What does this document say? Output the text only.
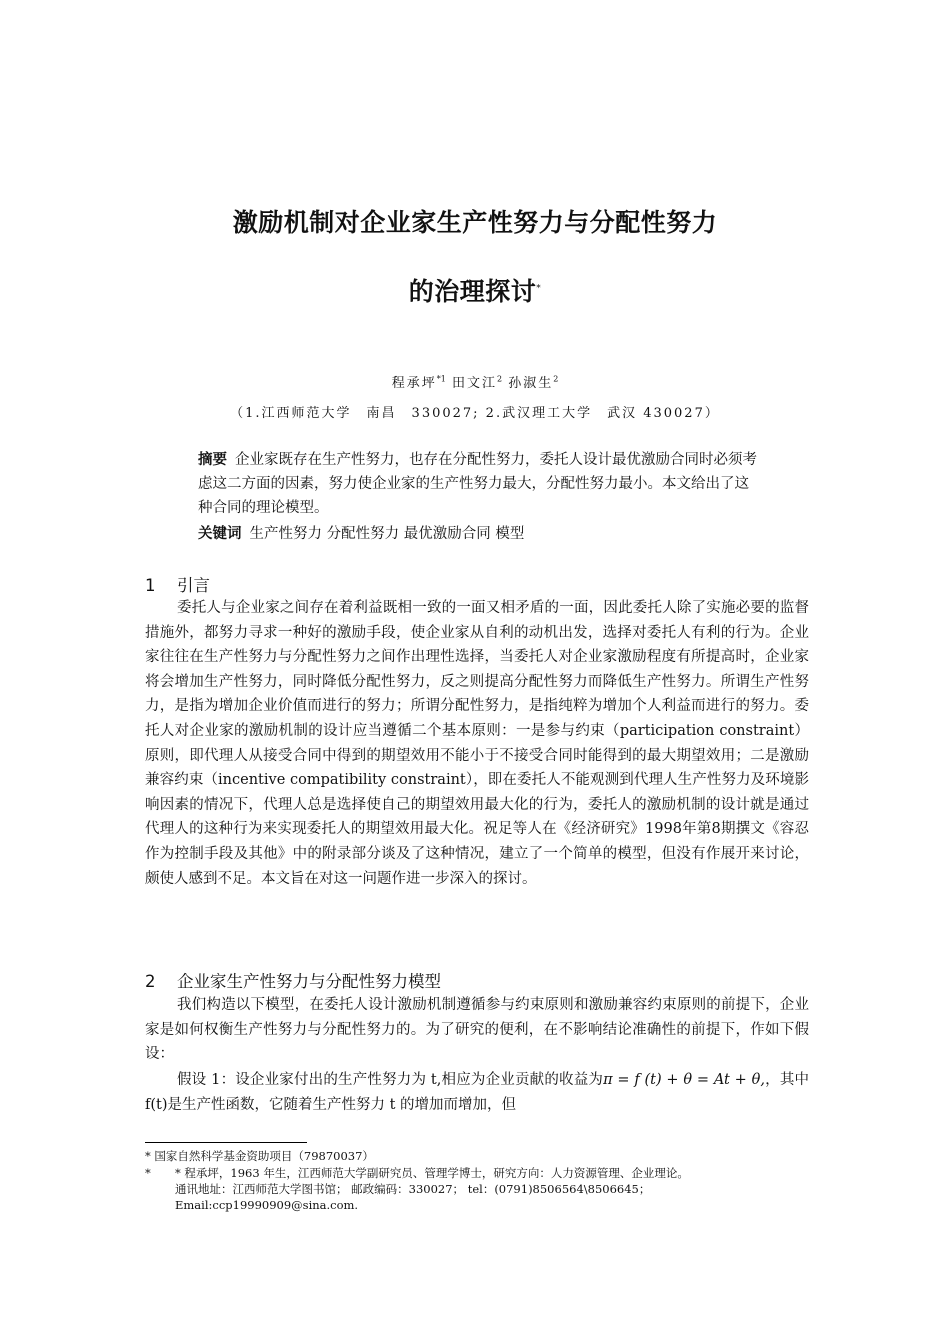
激励机制对企业家生产性努力与分配性努力
的治理探讨*
程承坪$^{*1}$ 田文江$^2$ 孙淑生$^2$
（1.江西师范大学　南昌　330027; 2.武汉理工大学　武汉 430027）
摘要 企业家既存在生产性努力，也存在分配性努力，委托人设计最优激励合同时必须考虑这二方面的因素，努力使企业家的生产性努力最大，分配性努力最小。本文给出了这种合同的理论模型。
关键词 生产性努力 分配性努力 最优激励合同 模型
1 引言
委托人与企业家之间存在着利益既相一致的一面又相矛盾的一面，因此委托人除了实施必要的监督措施外，都努力寻求一种好的激励手段，使企业家从自利的动机出发，选择对委托人有利的行为。企业家往往在生产性努力与分配性努力之间作出理性选择，当委托人对企业家激励程度有所提高时，企业家将会增加生产性努力，同时降低分配性努力，反之则提高分配性努力而降低生产性努力。所谓生产性努力，是指为增加企业价值而进行的努力；所谓分配性努力，是指纯粹为增加个人利益而进行的努力。委托人对企业家的激励机制的设计应当遵循二个基本原则：一是参与约束（participation constraint）原则，即代理人从接受合同中得到的期望效用不能小于不接受合同时能得到的最大期望效用；二是激励兼容约束（incentive compatibility constraint），即在委托人不能观测到代理人生产性努力及环境影响因素的情况下，代理人总是选择使自己的期望效用最大化的行为，委托人的激励机制的设计就是通过代理人的这种行为来实现委托人的期望效用最大化。祝足等人在《经济研究》1998年第8期撰文《容忍作为控制手段及其他》中的附录部分谈及了这种情况，建立了一个简单的模型，但没有作展开来讨论，颇使人感到不足。本文旨在对这一问题作进一步深入的探讨。
2 企业家生产性努力与分配性努力模型
我们构造以下模型，在委托人设计激励机制遵循参与约束原则和激励兼容约束原则的前提下，企业家是如何权衡生产性努力与分配性努力的。为了研究的便利，在不影响结论准确性的前提下，作如下假设：
假设 1：设企业家付出的生产性努力为 t,相应为企业贡献的收益为π = f (t) + θ = At + θ,，其中 f(t)是生产性函数，它随着生产性努力 t 的增加而增加，但
* 国家自然科学基金资助项目（79870037）
* * 程承坪，1963 年生，江西师范大学副研究员、管理学博士，研究方向：人力资源管理、企业理论。
通讯地址：江西师范大学图书馆； 邮政编码：330027； tel：(0791)8506564\8506645；
Email:ccp19990909@sina.com.
